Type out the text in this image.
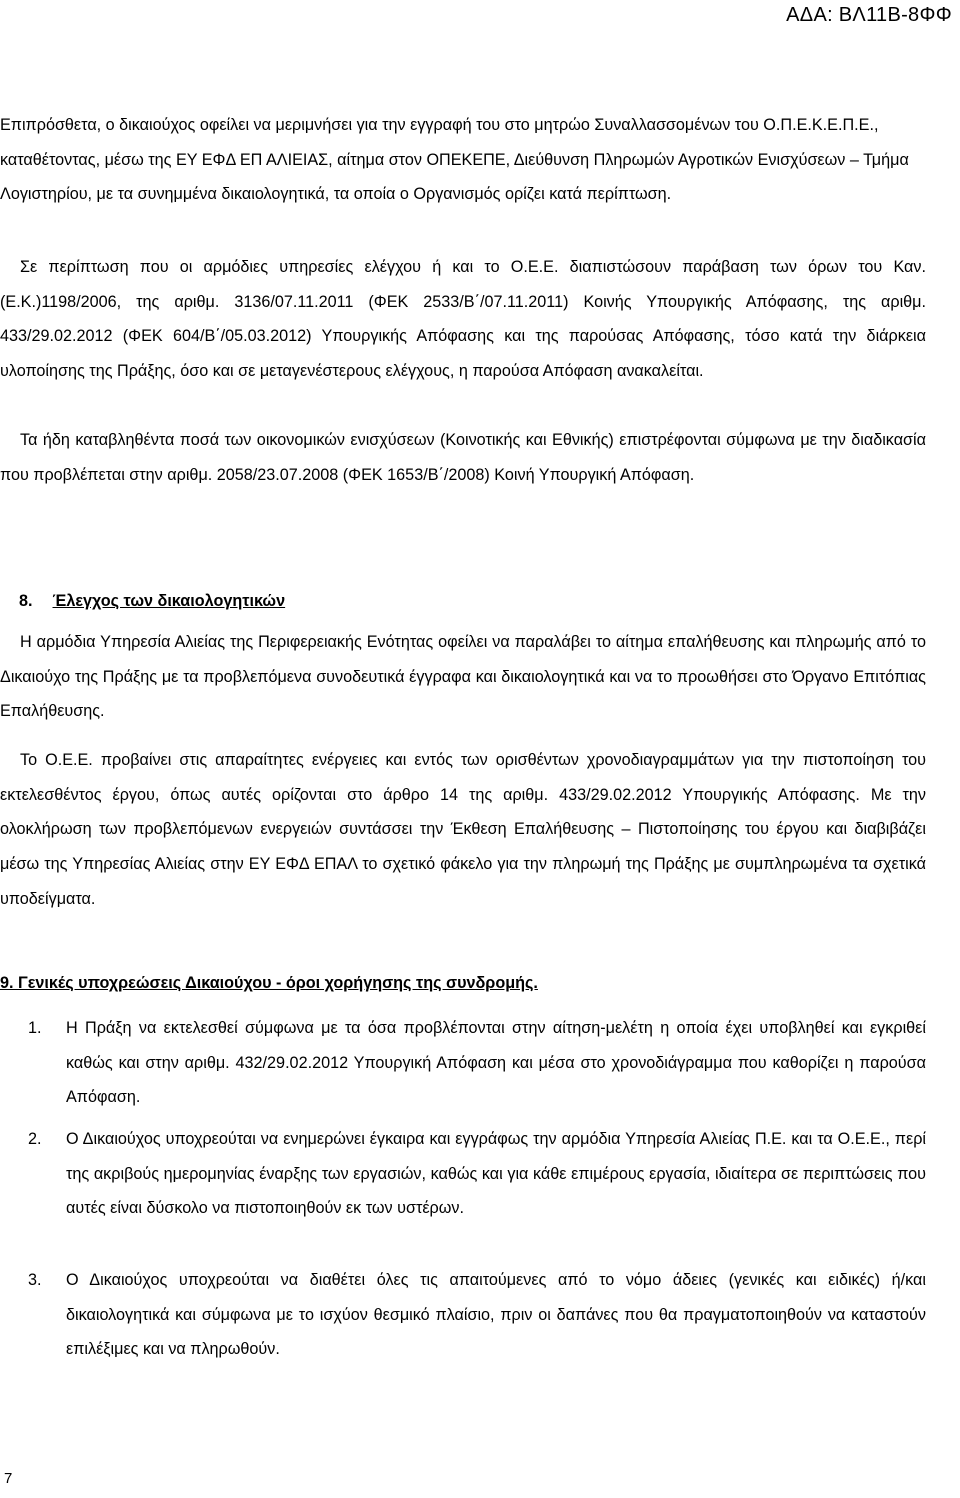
ΑΔΑ: ΒΛ11Β-8ΦΦ

Επιπρόσθετα, ο δικαιούχος οφείλει να μεριμνήσει για την εγγραφή του στο μητρώο Συναλλασσομένων του Ο.Π.Ε.Κ.Ε.Π.Ε., καταθέτοντας, μέσω της ΕΥ ΕΦΔ ΕΠ ΑΛΙΕΙΑΣ, αίτημα στον ΟΠΕΚΕΠΕ, Διεύθυνση Πληρωμών Αγροτικών Ενισχύσεων – Τμήμα Λογιστηρίου, με τα συνημμένα δικαιολογητικά, τα οποία ο Οργανισμός ορίζει κατά περίπτωση.

Σε περίπτωση που οι αρμόδιες υπηρεσίες ελέγχου ή και το Ο.Ε.Ε. διαπιστώσουν παράβαση των όρων του Καν.(Ε.Κ.)1198/2006, της αριθμ. 3136/07.11.2011 (ΦΕΚ 2533/Β΄/07.11.2011) Κοινής Υπουργικής Απόφασης, της αριθμ. 433/29.02.2012 (ΦΕΚ 604/Β΄/05.03.2012) Υπουργικής Απόφασης και της παρούσας Απόφασης, τόσο κατά την διάρκεια υλοποίησης της Πράξης, όσο και σε μεταγενέστερους ελέγχους, η παρούσα Απόφαση ανακαλείται.

Τα ήδη καταβληθέντα ποσά των οικονομικών ενισχύσεων (Κοινοτικής και Εθνικής) επιστρέφονται σύμφωνα με την διαδικασία που προβλέπεται στην αριθμ. 2058/23.07.2008 (ΦΕΚ 1653/Β΄/2008) Κοινή Υπουργική Απόφαση.

8. Έλεγχος των δικαιολογητικών

Η αρμόδια Υπηρεσία Αλιείας της Περιφερειακής Ενότητας οφείλει να παραλάβει το αίτημα επαλήθευσης και πληρωμής από το Δικαιούχο της Πράξης με τα προβλεπόμενα συνοδευτικά έγγραφα και δικαιολογητικά και να το προωθήσει στο Όργανο Επιτόπιας Επαλήθευσης.

Το Ο.Ε.Ε. προβαίνει στις απαραίτητες ενέργειες και εντός των ορισθέντων χρονοδιαγραμμάτων για την πιστοποίηση του εκτελεσθέντος έργου, όπως αυτές ορίζονται στο άρθρο 14 της αριθμ. 433/29.02.2012 Υπουργικής Απόφασης. Με την ολοκλήρωση των προβλεπόμενων ενεργειών συντάσσει την Έκθεση Επαλήθευσης – Πιστοποίησης του έργου και διαβιβάζει μέσω της Υπηρεσίας Αλιείας στην ΕΥ ΕΦΔ ΕΠΑΛ το σχετικό φάκελο για την πληρωμή της Πράξης με συμπληρωμένα τα σχετικά υποδείγματα.

9. Γενικές υποχρεώσεις Δικαιούχου - όροι χορήγησης της συνδρομής.
1. Η Πράξη να εκτελεσθεί σύμφωνα με τα όσα προβλέπονται στην αίτηση-μελέτη η οποία έχει υποβληθεί και εγκριθεί καθώς και στην αριθμ. 432/29.02.2012 Υπουργική Απόφαση και μέσα στο χρονοδιάγραμμα που καθορίζει η παρούσα Απόφαση.
2. Ο Δικαιούχος υποχρεούται να ενημερώνει έγκαιρα και εγγράφως την αρμόδια Υπηρεσία Αλιείας Π.Ε. και τα Ο.Ε.Ε., περί της ακριβούς ημερομηνίας έναρξης των εργασιών, καθώς και για κάθε επιμέρους εργασία, ιδιαίτερα σε περιπτώσεις που αυτές είναι δύσκολο να πιστοποιηθούν εκ των υστέρων.
3. Ο Δικαιούχος υποχρεούται να διαθέτει όλες τις απαιτούμενες από το νόμο άδειες (γενικές και ειδικές) ή/και δικαιολογητικά και σύμφωνα με το ισχύον θεσμικό πλαίσιο, πριν οι δαπάνες που θα πραγματοποιηθούν να καταστούν επιλέξιμες και να πληρωθούν.
7
